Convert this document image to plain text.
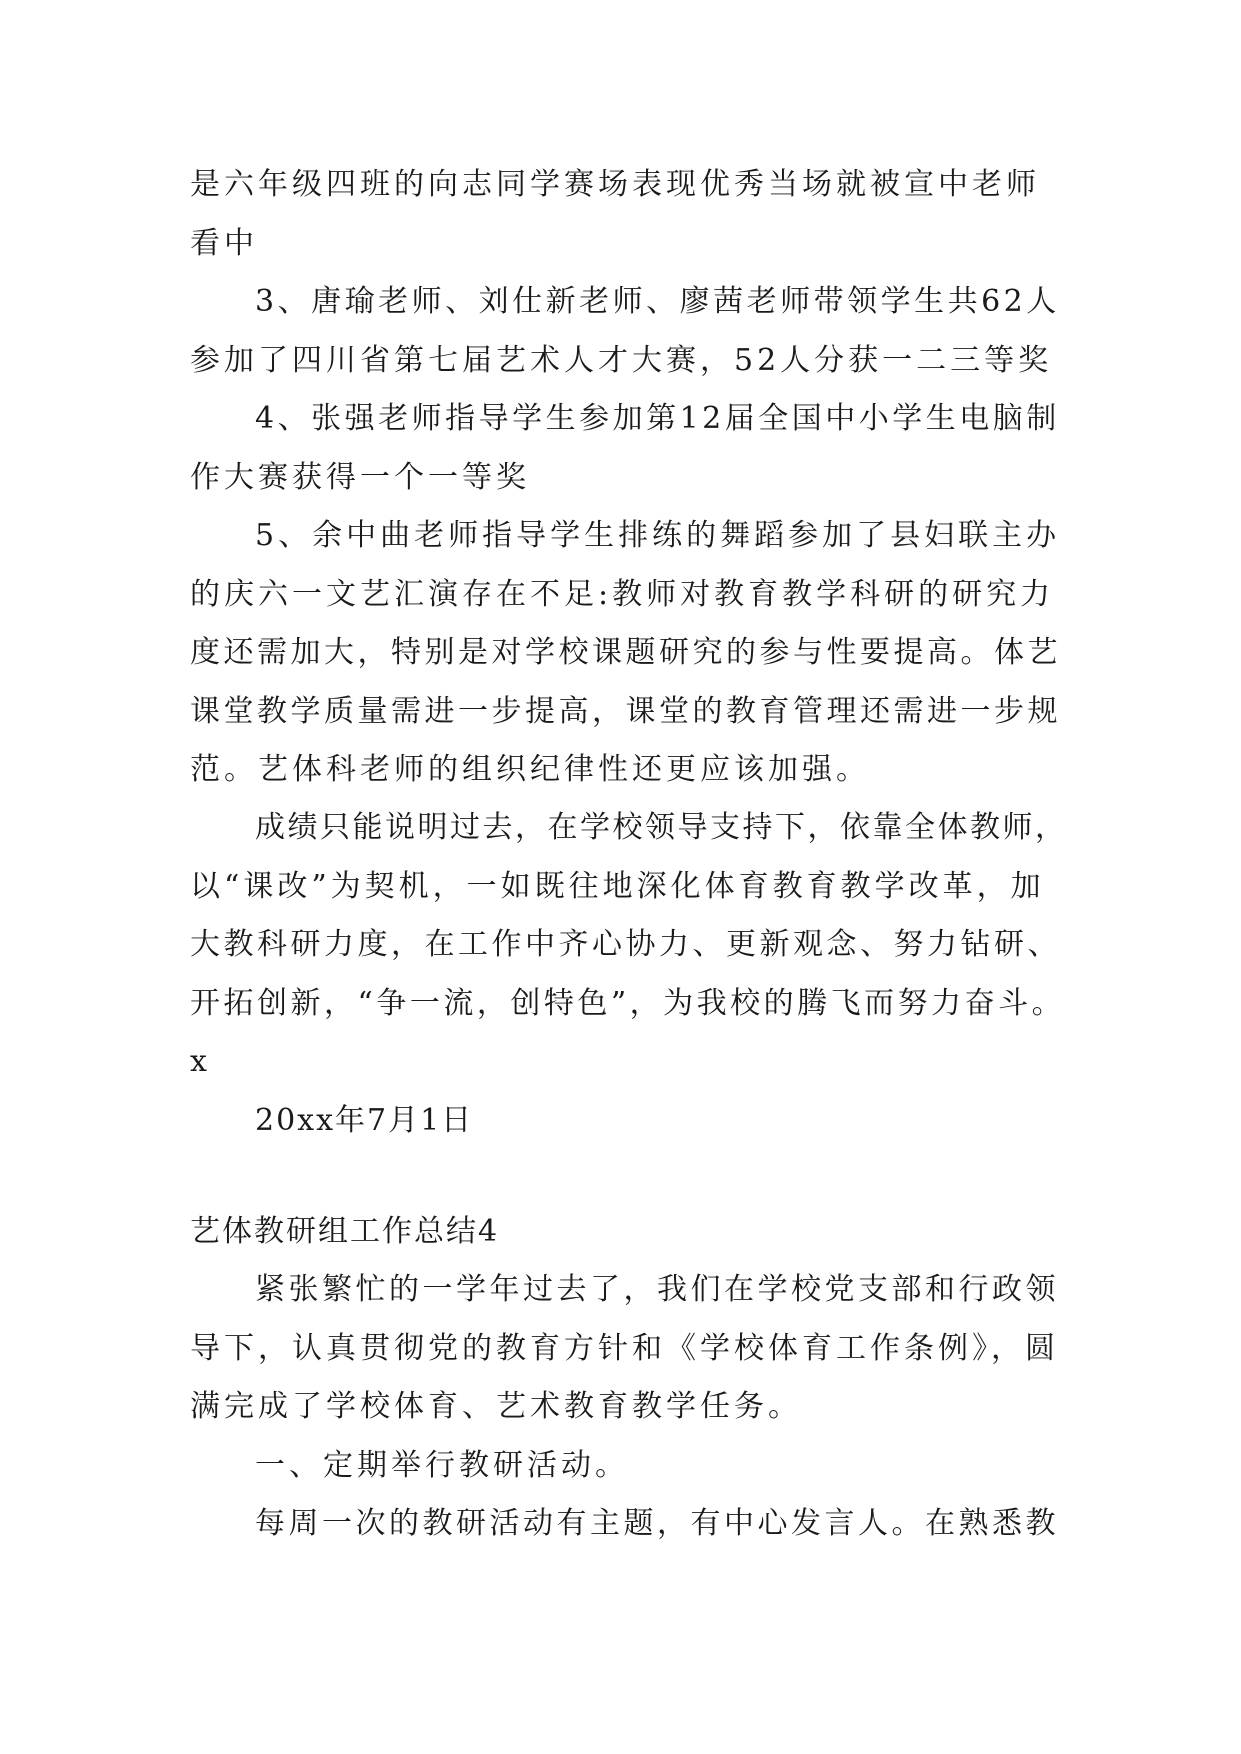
是六年级四班的向志同学赛场表现优秀当场就被宣中老师
看中
3、唐瑜老师、刘仕新老师、廖茜老师带领学生共62人
参加了四川省第七届艺术人才大赛，52人分获一二三等奖
4、张强老师指导学生参加第12届全国中小学生电脑制
作大赛获得一个一等奖
5、余中曲老师指导学生排练的舞蹈参加了县妇联主办
的庆六一文艺汇演存在不足:教师对教育教学科研的研究力
度还需加大，特别是对学校课题研究的参与性要提高。体艺
课堂教学质量需进一步提高，课堂的教育管理还需进一步规
范。艺体科老师的组织纪律性还更应该加强。
成绩只能说明过去，在学校领导支持下，依靠全体教师，
以“课改”为契机，一如既往地深化体育教育教学改革，加
大教科研力度，在工作中齐心协力、更新观念、努力钻研、
开拓创新，“争一流，创特色”，为我校的腾飞而努力奋斗。
x
20xx年7月1日
艺体教研组工作总结4
紧张繁忙的一学年过去了，我们在学校党支部和行政领
导下，认真贯彻党的教育方针和《学校体育工作条例》，圆
满完成了学校体育、艺术教育教学任务。
一、定期举行教研活动。
每周一次的教研活动有主题，有中心发言人。在熟悉教
